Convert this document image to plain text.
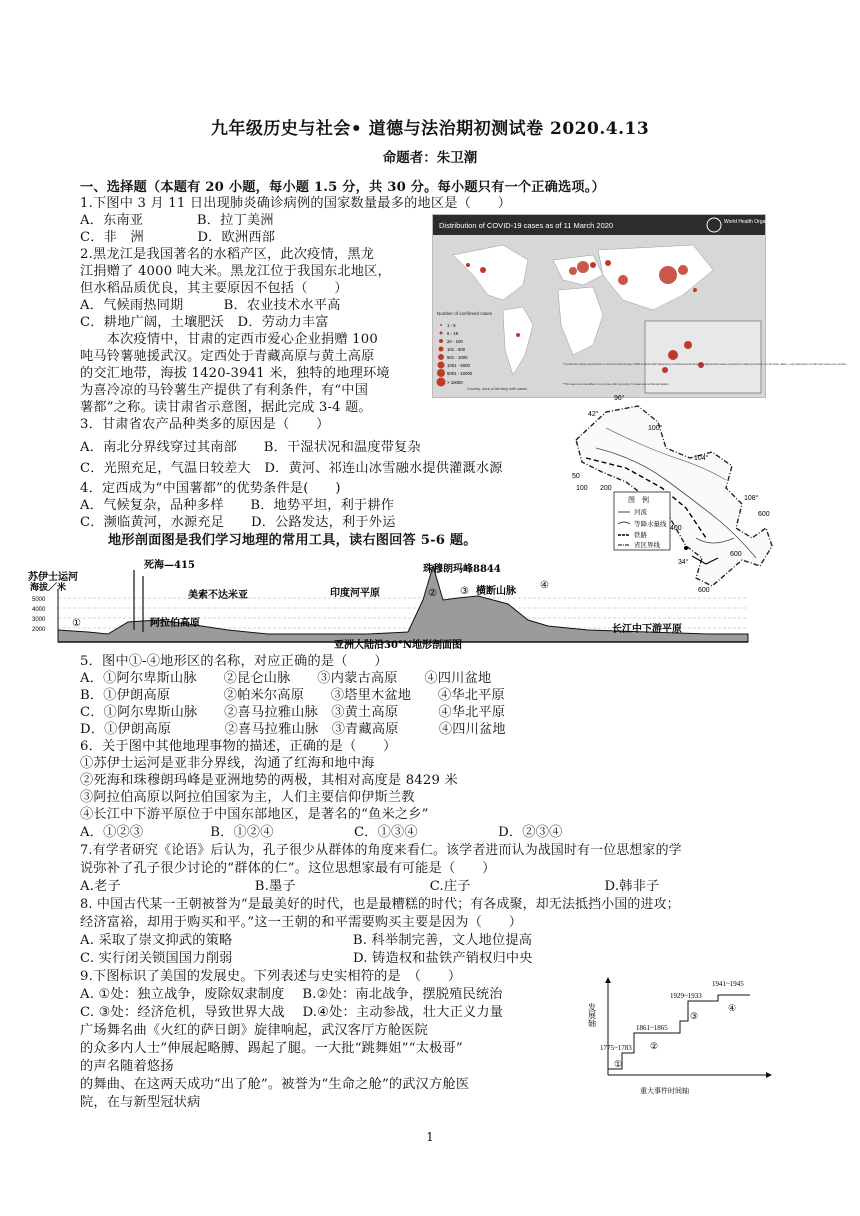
九年级历史与社会• 道德与法治期初测试卷 2020.4.13
命题者：朱卫潮
一、选择题（本题有 20 小题，每小题 1.5 分，共 30 分。每小题只有一个正确选项。）
1.下图中 3 月 11 日出现肺炎确诊病例的国家数量最多的地区是（　　）
A．东南亚　　　　B．拉丁美洲
C．非　洲　　　　D．欧洲西部
2.黑龙江是我国著名的水稻产区，此次疫情，黑龙
江捐赠了 4000 吨大米。黑龙江位于我国东北地区，
但水稻品质优良，其主要原因不包括（　　）
A．气候雨热同期　　　B．农业技术水平高
C．耕地广阔，土壤肥沃　D．劳动力丰富
　　本次疫情中，甘肃的定西市爱心企业捐赠 100
吨马铃薯驰援武汉。定西处于青藏高原与黄土高原
的交汇地带，海拔 1420-3941 米，独特的地理环境
为喜冷凉的马铃薯生产提供了有利条件，有“中国
薯都”之称。读甘肃省示意图，据此完成 3-4 题。
3．甘肃省农产品种类多的原因是（　　）
A．南北分界线穿过其南部　　B．干湿状况和温度带复杂
C．光照充足，气温日较差大　D．黄河、祁连山冰雪融水提供灌溉水源
4．定西成为“中国薯都”的优势条件是(　　)
A．气候复杂，品种多样　　B．地势平坦，利于耕作
C．濒临黄河，水源充足　　D．公路发达，利于外运
地形剖面图是我们学习地理的常用工具，读右图回答 5-6 题。
Distribution of COVID-19 cases as of 11 March 2020	World Health Organization
Number of confirmed cases
1 - 5
6 - 19
20 - 100
101 - 500
501 - 1000
1001 - 5000
5001 - 10000
> 10000
Country, area or territory with cases
*Confirmed cases reported from 13 and 14 February 2020 include both laboratory-confirmed and clinically diagnosed cases reported in Hubei province; for all other dates, only laboratory-confirmed cases are shown.
**84 cases are identified on a cruise ship currently in Japanese territorial waters.
96°
42°
100°
104°
108°
50
200
100
400
600
600
34°
600
图　例
河流
等降水量线
铁路
省区界线
海拔／米
5000
4000
3000
2000
死海—415
苏伊士运河
美索不达米亚	印度河平原
珠穆朗玛峰8844
横断山脉
阿拉伯高原
长江中下游平原
亚洲大陆沿30°N地形剖面图
①
② ③
④
5．图中①-④地形区的名称，对应正确的是（　　）
A．①阿尔卑斯山脉　　②昆仑山脉　　③内蒙古高原　　④四川盆地
B．①伊朗高原　　　　②帕米尔高原　　③塔里木盆地　　④华北平原
C．①阿尔卑斯山脉　　②喜马拉雅山脉　③黄土高原　　　④华北平原
D．①伊朗高原　　　　②喜马拉雅山脉　③青藏高原　　　④四川盆地
6．关于图中其他地理事物的描述，正确的是（　　）
①苏伊士运河是亚非分界线，沟通了红海和地中海
②死海和珠穆朗玛峰是亚洲地势的两极，其相对高度是 8429 米
③阿拉伯高原以阿拉伯国家为主，人们主要信仰伊斯兰教
④长江中下游平原位于中国东部地区，是著名的“鱼米之乡”
A．①②③　　　　　B．①②④　　　　　　C．①③④　　　　　　D．②③④
7.有学者研究《论语》后认为，孔子很少从群体的角度来看仁。该学者进而认为战国时有一位思想家的学
说弥补了孔子很少讨论的“群体的仁”。这位思想家最有可能是（　　）
A.老子　　　　　　　　　　B.墨子　　　　　　　　　　C.庄子　　　　　　　　　　D.韩非子
8. 中国古代某一王朝被誉为“是最美好的时代，也是最糟糕的时代；有各成聚，却无法抵挡小国的进攻；
经济富裕，却用于购买和平。”这一王朝的和平需要购买主要是因为（　　）
A. 采取了崇文抑武的策略　　　　　　　　　B. 科举制完善，文人地位提高
C. 实行闭关锁国国力削弱　　　　　　　　　D. 铸造权和盐铁产销权归中央
9.下图标识了美国的发展史。下列表述与史实相符的是　（　　）
A. ①处：独立战争，废除奴隶制度　 B.②处：南北战争，摆脱殖民统治
C. ③处：经济危机，导致世界大战　 D.④处：主动参战，壮大正义力量
广场舞名曲《火红的萨日朗》旋律响起，武汉客厅方舱医院
的众多内人士”伸展起略膊、踢起了腿。一大批“跳舞姐”“太极哥”
的声名随着悠扬
的舞曲、在这两天成功“出了舱”。被誉为“生命之舱”的武汉方舱医
院，在与新型冠状病
发展轴
重大事件时间轴
1775~1783
1861~1865
1929~1933
1941~1945
①
②
③
④
1
